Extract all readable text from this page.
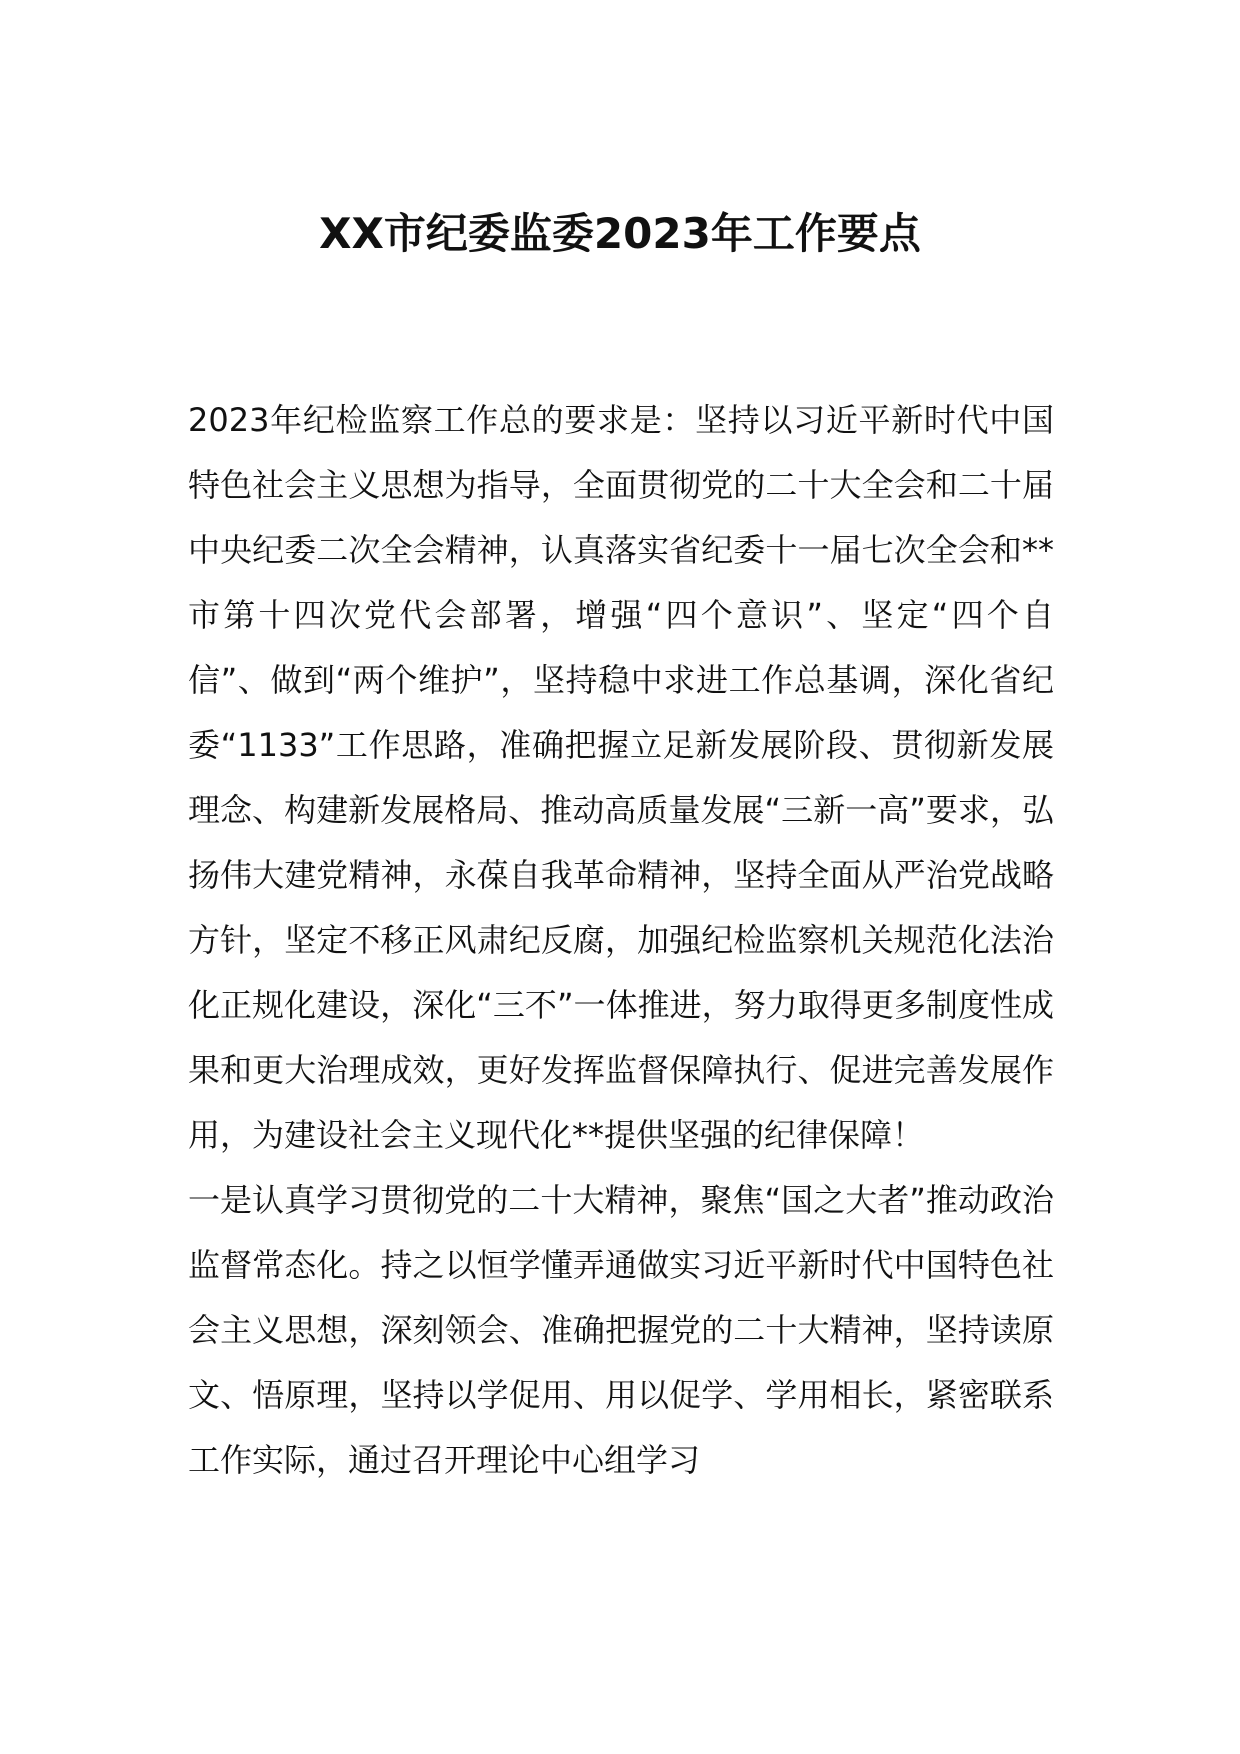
XX市纪委监委2023年工作要点

2023年纪检监察工作总的要求是：坚持以习近平新时代中国特色社会主义思想为指导，全面贯彻党的二十大全会和二十届中央纪委二次全会精神，认真落实省纪委十一届七次全会和**市第十四次党代会部署，增强“四个意识”、坚定“四个自信”、做到“两个维护”，坚持稳中求进工作总基调，深化省纪委“1133”工作思路，准确把握立足新发展阶段、贯彻新发展理念、构建新发展格局、推动高质量发展“三新一高”要求，弘扬伟大建党精神，永葆自我革命精神，坚持全面从严治党战略方针，坚定不移正风肃纪反腐，加强纪检监察机关规范化法治化正规化建设，深化“三不”一体推进，努力取得更多制度性成果和更大治理成效，更好发挥监督保障执行、促进完善发展作用，为建设社会主义现代化**提供坚强的纪律保障！

一是认真学习贯彻党的二十大精神，聚焦“国之大者”推动政治监督常态化。持之以恒学懂弄通做实习近平新时代中国特色社会主义思想，深刻领会、准确把握党的二十大精神，坚持读原文、悟原理，坚持以学促用、用以促学、学用相长，紧密联系工作实际，通过召开理论中心组学习
